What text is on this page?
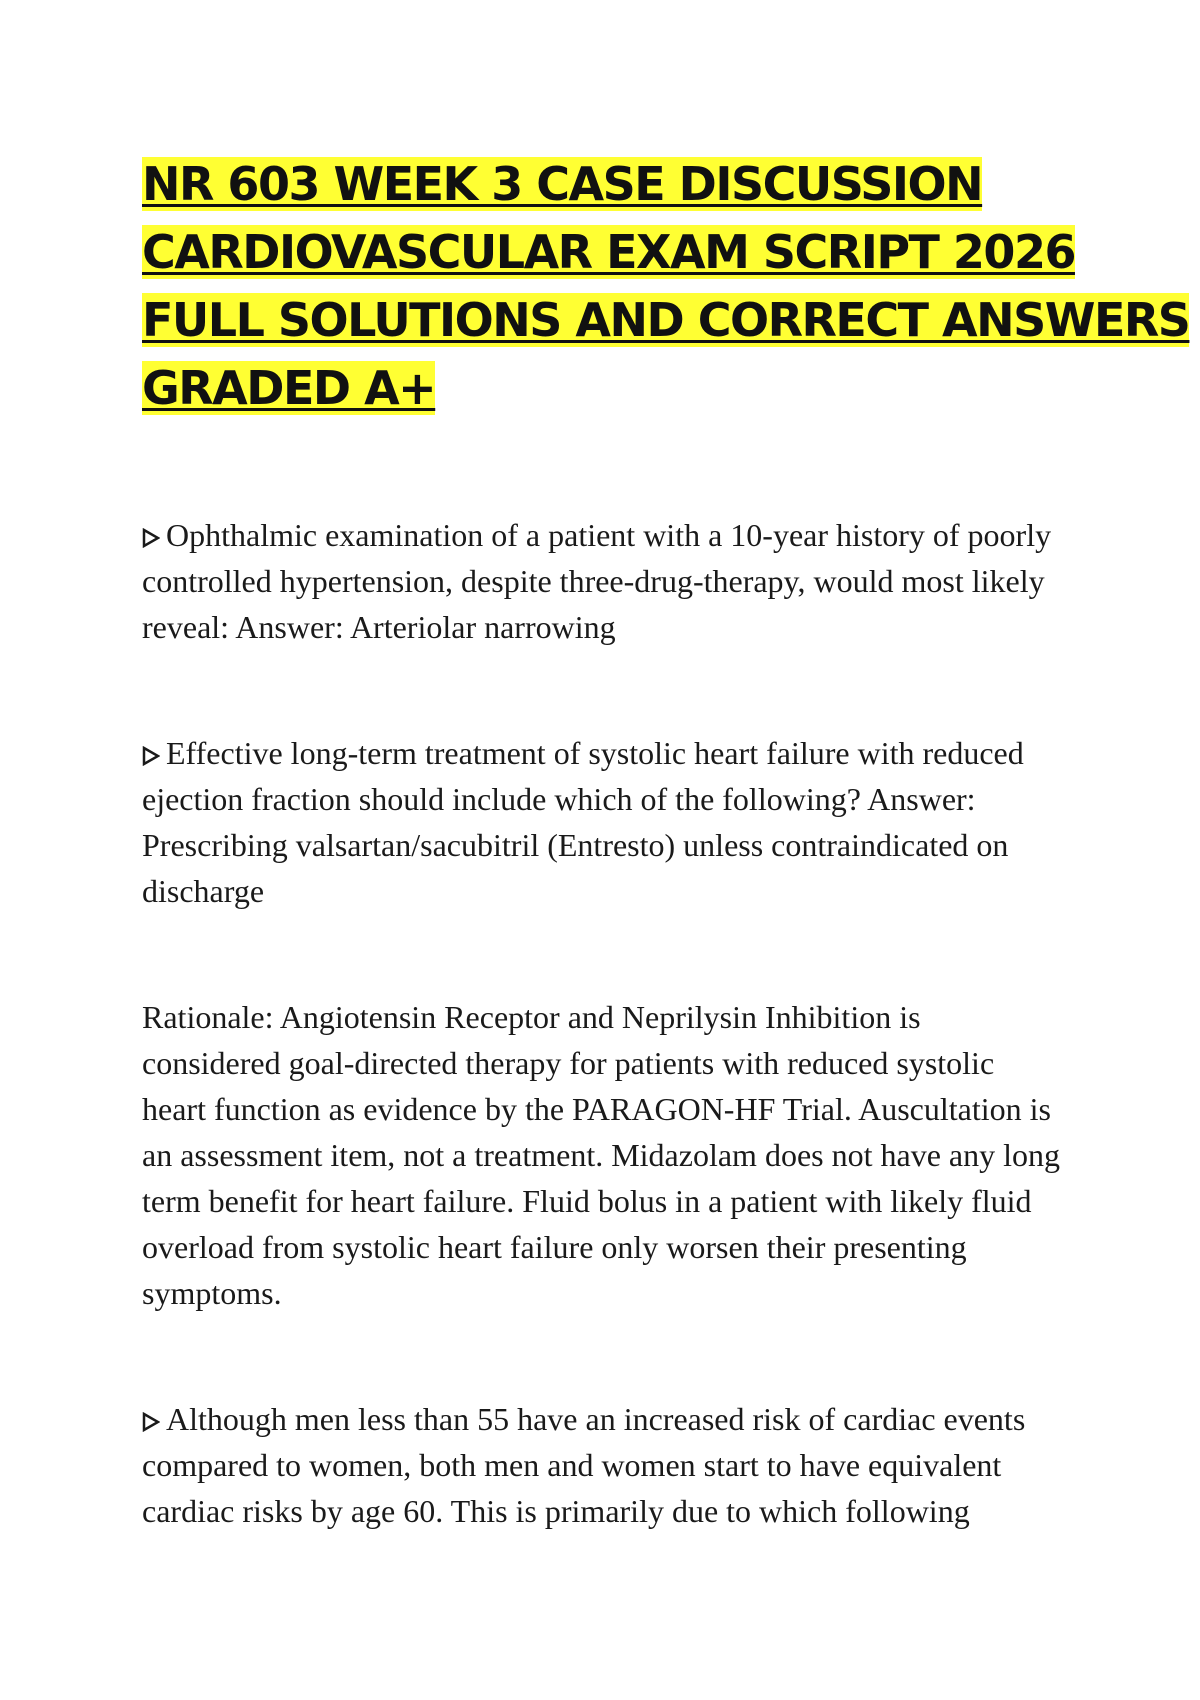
NR 603 WEEK 3 CASE DISCUSSION
CARDIOVASCULAR EXAM SCRIPT 2026
FULL SOLUTIONS AND CORRECT ANSWERS
GRADED A+

Ophthalmic examination of a patient with a 10-year history of poorly controlled hypertension, despite three-drug-therapy, would most likely reveal: Answer: Arteriolar narrowing

Effective long-term treatment of systolic heart failure with reduced ejection fraction should include which of the following? Answer: Prescribing valsartan/sacubitril (Entresto) unless contraindicated on discharge

Rationale: Angiotensin Receptor and Neprilysin Inhibition is considered goal-directed therapy for patients with reduced systolic heart function as evidence by the PARAGON-HF Trial. Auscultation is an assessment item, not a treatment. Midazolam does not have any long term benefit for heart failure. Fluid bolus in a patient with likely fluid overload from systolic heart failure only worsen their presenting symptoms.

Although men less than 55 have an increased risk of cardiac events compared to women, both men and women start to have equivalent cardiac risks by age 60. This is primarily due to which following
